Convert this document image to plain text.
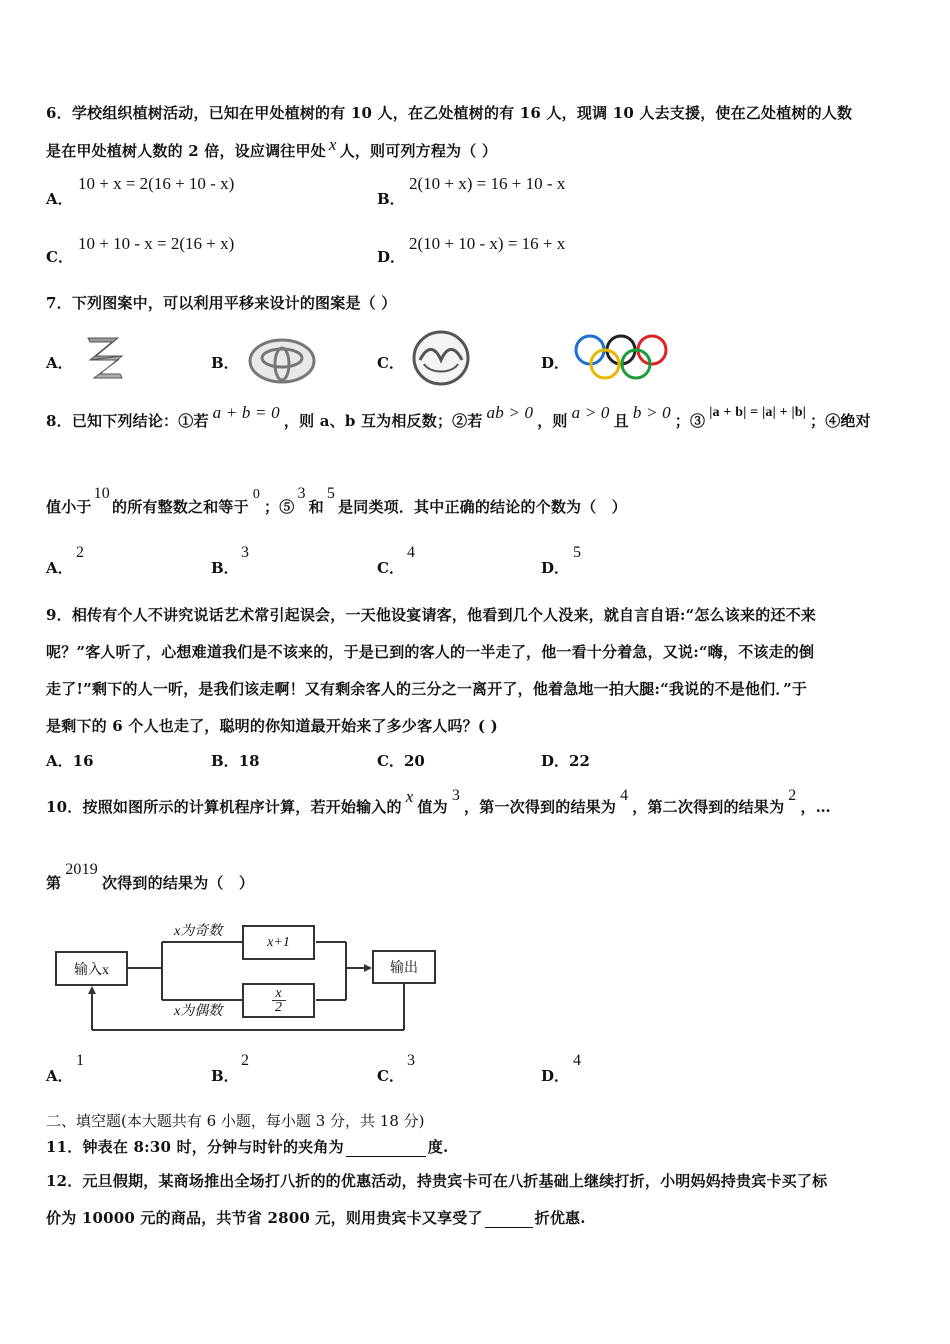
6．学校组织植树活动，已知在甲处植树的有 10 人，在乙处植树的有 16 人，现调 10 人去支援，使在乙处植树的人数
是在甲处植树人数的 2 倍，设应调往甲处 x 人，则可列方程为（ ）
A．
10 + x = 2(16 + 10 - x)
B．
2(10 + x) = 16 + 10 - x
C．
10 + 10 - x = 2(16 + x)
D．
2(10 + 10 - x) = 16 + x
7．下列图案中，可以利用平移来设计的图案是（ ）
A．	B．	C．	D．
8．已知下列结论：①若 a + b = 0 ，则 a、b 互为相反数；②若 ab > 0 ，则 a > 0 且 b > 0 ；③ |a + b| = |a| + |b| ；④绝对
值小于10的所有整数之和等于0；⑤3和5是同类项．其中正确的结论的个数为（　）
A．
2
B．
3
C．
4
D．
5
9．相传有个人不讲究说话艺术常引起误会，一天他设宴请客，他看到几个人没来，就自言自语:“怎么该来的还不来
呢？”客人听了，心想难道我们是不该来的，于是已到的客人的一半走了，他一看十分着急，又说:“嗨，不该走的倒
走了!”剩下的人一听，是我们该走啊！又有剩余客人的三分之一离开了，他着急地一拍大腿:“我说的不是他们．”于
是剩下的 6 个人也走了，聪明的你知道最开始来了多少客人吗？( )
A．16	B．18	C．20	D．22
10．按照如图所示的计算机程序计算，若开始输入的x值为3，第一次得到的结果为4，第二次得到的结果为2，…
第2019次得到的结果为（　）
输入x
x为奇数
x+1
x为偶数
x
2
输出
A．
1
B．
2
C．
3
D．
4
二、填空题(本大题共有 6 小题，每小题 3 分，共 18 分)
11．钟表在 8:30 时，分钟与时针的夹角为	度.
12．元旦假期，某商场推出全场打八折的的优惠活动，持贵宾卡可在八折基础上继续打折，小明妈妈持贵宾卡买了标
价为 10000 元的商品，共节省 2800 元，则用贵宾卡又享受了	折优惠.
